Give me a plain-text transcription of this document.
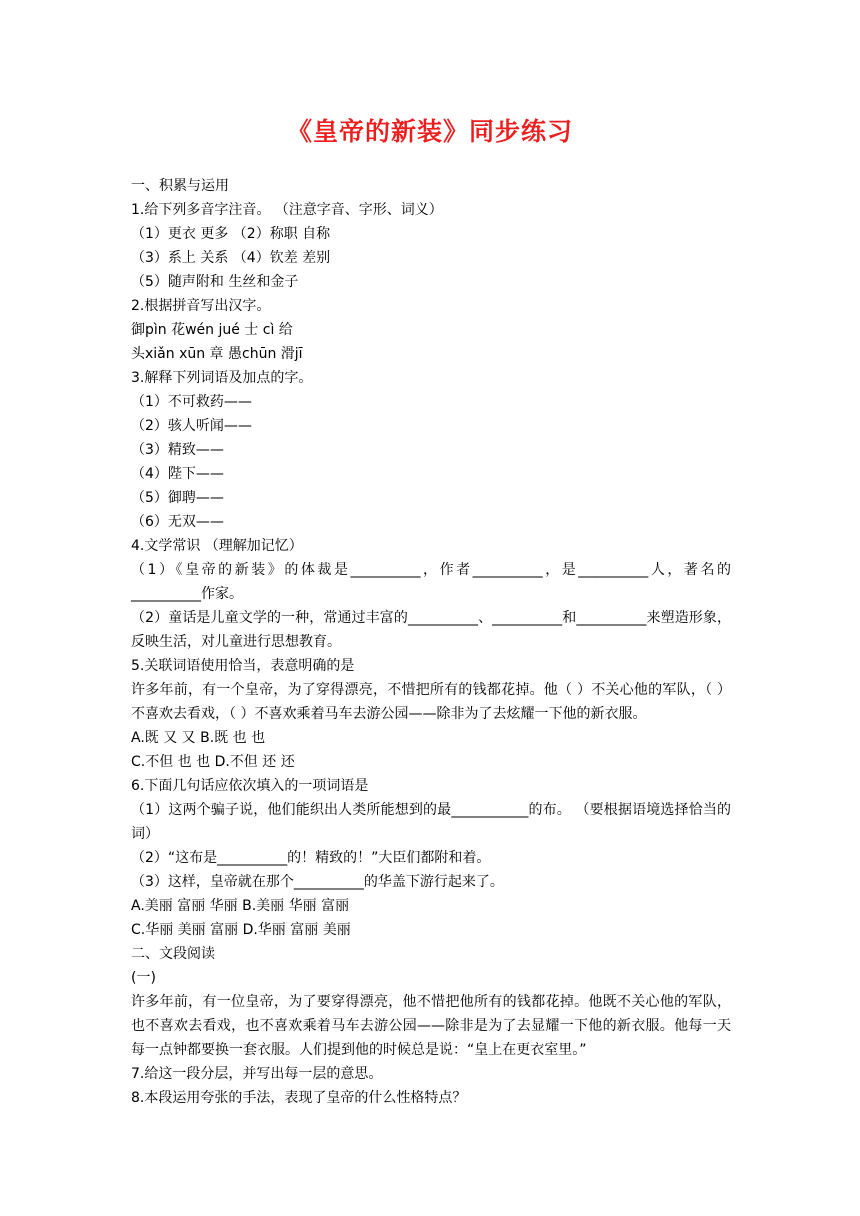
《皇帝的新装》同步练习

一、积累与运用

1.给下列多音字注音。 （注意字音、字形、词义）

（1）更衣 更多 （2）称职 自称

（3）系上 关系 （4）钦差 差别

（5）随声附和 生丝和金子

2.根据拼音写出汉字。

御pìn 花wén jué 士 cì 给

头xiǎn xūn 章 愚chūn 滑jī

3.解释下列词语及加点的字。

（1）不可救药——

（2）骇人听闻——

（3）精致——

（4）陛下——

（5）御聘——

（6）无双——

4.文学常识 （理解加记忆）

（1）《皇帝的新装》的体裁是__________，作者__________，是__________人，著名的__________作家。

（2）童话是儿童文学的一种，常通过丰富的__________、__________和__________来塑造形象，反映生活，对儿童进行思想教育。

5.关联词语使用恰当，表意明确的是

许多年前，有一个皇帝，为了穿得漂亮，不惜把所有的钱都花掉。他（ ）不关心他的军队，（ ）不喜欢去看戏，（ ）不喜欢乘着马车去游公园——除非为了去炫耀一下他的新衣服。

A.既 又 又 B.既 也 也

C.不但 也 也 D.不但 还 还

6.下面几句话应依次填入的一项词语是

（1）这两个骗子说，他们能织出人类所能想到的最___________的布。 （要根据语境选择恰当的词）

（2）“这布是__________的！精致的！”大臣们都附和着。

（3）这样，皇帝就在那个__________的华盖下游行起来了。

A.美丽 富丽 华丽 B.美丽 华丽 富丽

C.华丽 美丽 富丽 D.华丽 富丽 美丽

二、文段阅读

(一)

许多年前，有一位皇帝，为了要穿得漂亮，他不惜把他所有的钱都花掉。他既不关心他的军队，也不喜欢去看戏，也不喜欢乘着马车去游公园——除非是为了去显耀一下他的新衣服。他每一天每一点钟都要换一套衣服。人们提到他的时候总是说：“皇上在更衣室里。”

7.给这一段分层，并写出每一层的意思。

8.本段运用夸张的手法，表现了皇帝的什么性格特点？
